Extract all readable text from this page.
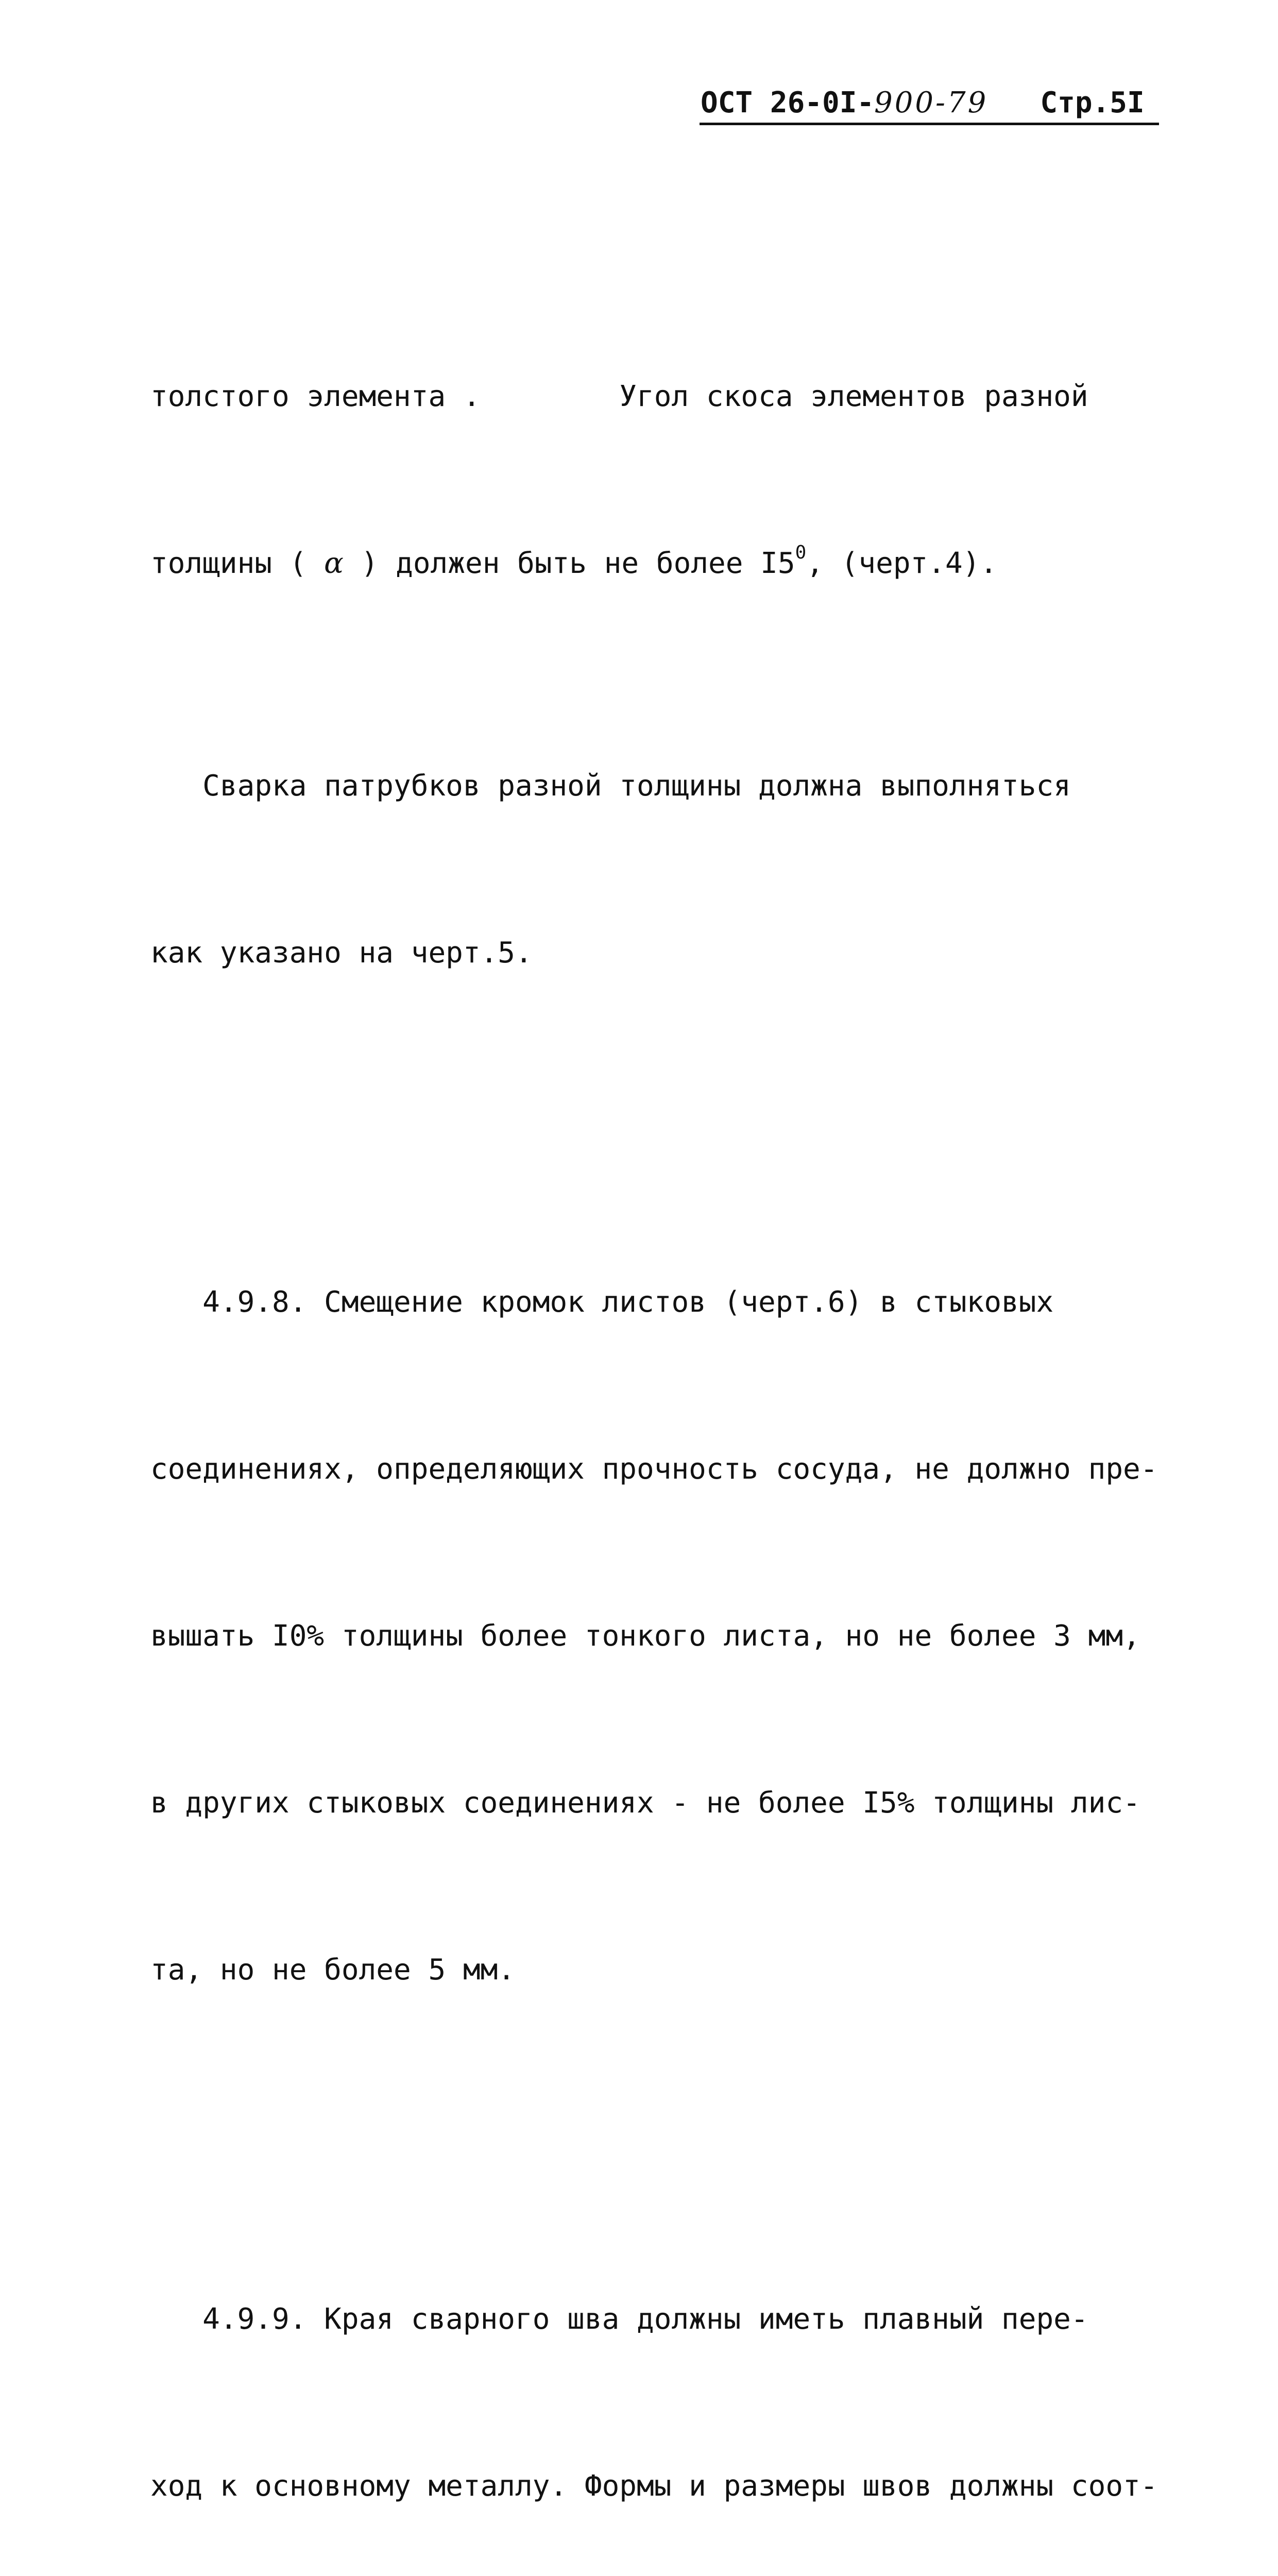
ОСТ 26-0I-900-79 Стр.5I

толстого элемента .        Угол скоса элементов разной

толщины ( α ) должен быть не более $I5^0$, (черт.4).

Сварка патрубков разной толщины должна выполняться

как указано на черт.5.

4.9.8. Смещение кромок листов (черт.6) в стыковых

соединениях, определяющих прочность сосуда, не должно пре-

вышать I0% толщины более тонкого листа, но не более 3 мм,

в других стыковых соединениях - не более I5% толщины лис-

та, но не более 5 мм.

4.9.9. Края сварного шва должны иметь плавный пере-

ход к основному металлу. Формы и размеры швов должны соот-
